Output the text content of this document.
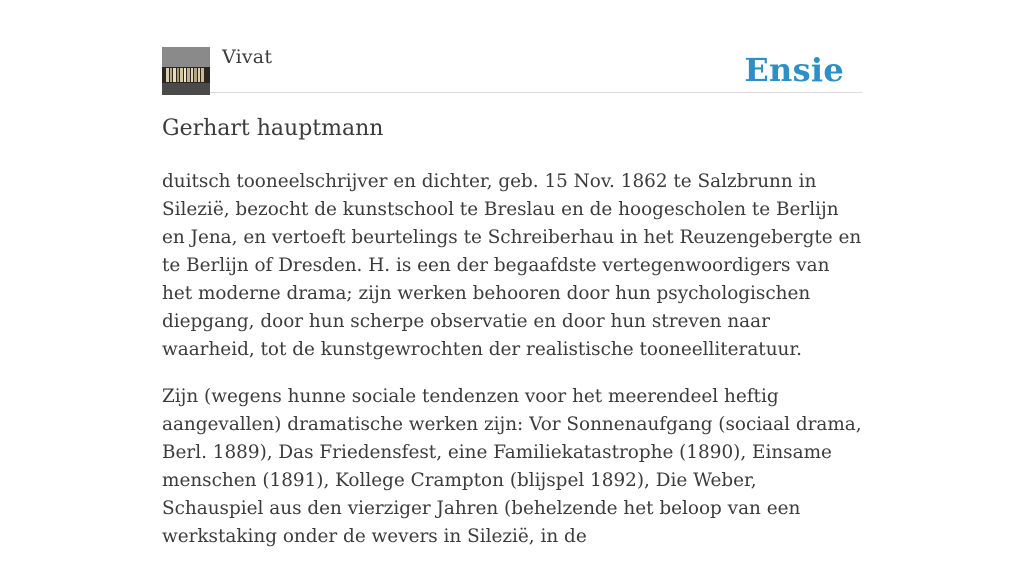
Vivat	Ensie
Gerhart hauptmann

duitsch tooneelschrijver en dichter, geb. 15 Nov. 1862 te Salzbrunn in Silezië, bezocht de kunstschool te Breslau en de hoogescholen te Berlijn en Jena, en vertoeft beurtelings te Schreiberhau in het Reuzengebergte en te Berlijn of Dresden. H. is een der begaafdste vertegenwoordigers van het moderne drama; zijn werken behooren door hun psychologischen diepgang, door hun scherpe observatie en door hun streven naar waarheid, tot de kunstgewrochten der realistische tooneelliteratuur.

Zijn (wegens hunne sociale tendenzen voor het meerendeel heftig aangevallen) dramatische werken zijn: Vor Sonnenaufgang (sociaal drama, Berl. 1889), Das Friedensfest, eine Familiekatastrophe (1890), Einsame menschen (1891), Kollege Crampton (blijspel 1892), Die Weber, Schauspiel aus den vierziger Jahren (behelzende het beloop van een werkstaking onder de wevers in Silezië, in de
